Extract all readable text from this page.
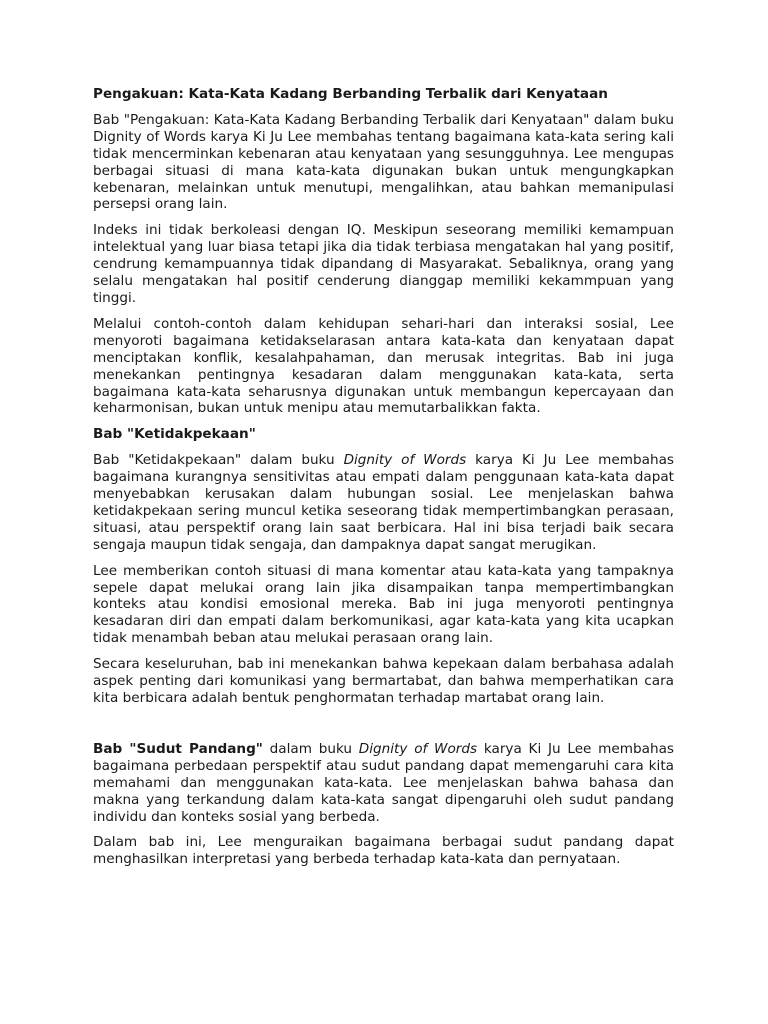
Pengakuan: Kata-Kata Kadang Berbanding Terbalik dari Kenyataan

Bab "Pengakuan: Kata-Kata Kadang Berbanding Terbalik dari Kenyataan" dalam buku Dignity of Words karya Ki Ju Lee membahas tentang bagaimana kata-kata sering kali tidak mencerminkan kebenaran atau kenyataan yang sesungguhnya. Lee mengupas berbagai situasi di mana kata-kata digunakan bukan untuk mengungkapkan kebenaran, melainkan untuk menutupi, mengalihkan, atau bahkan memanipulasi persepsi orang lain.

Indeks ini tidak berkoleasi dengan IQ. Meskipun seseorang memiliki kemampuan intelektual yang luar biasa tetapi jika dia tidak terbiasa mengatakan hal yang positif, cendrung kemampuannya tidak dipandang di Masyarakat. Sebaliknya, orang yang selalu mengatakan hal positif cenderung dianggap memiliki kekammpuan yang tinggi.

Melalui contoh-contoh dalam kehidupan sehari-hari dan interaksi sosial, Lee menyoroti bagaimana ketidakselarasan antara kata-kata dan kenyataan dapat menciptakan konflik, kesalahpahaman, dan merusak integritas. Bab ini juga menekankan pentingnya kesadaran dalam menggunakan kata-kata, serta bagaimana kata-kata seharusnya digunakan untuk membangun kepercayaan dan keharmonisan, bukan untuk menipu atau memutarbalikkan fakta.

Bab "Ketidakpekaan"

Bab "Ketidakpekaan" dalam buku Dignity of Words karya Ki Ju Lee membahas bagaimana kurangnya sensitivitas atau empati dalam penggunaan kata-kata dapat menyebabkan kerusakan dalam hubungan sosial. Lee menjelaskan bahwa ketidakpekaan sering muncul ketika seseorang tidak mempertimbangkan perasaan, situasi, atau perspektif orang lain saat berbicara. Hal ini bisa terjadi baik secara sengaja maupun tidak sengaja, dan dampaknya dapat sangat merugikan.

Lee memberikan contoh situasi di mana komentar atau kata-kata yang tampaknya sepele dapat melukai orang lain jika disampaikan tanpa mempertimbangkan konteks atau kondisi emosional mereka. Bab ini juga menyoroti pentingnya kesadaran diri dan empati dalam berkomunikasi, agar kata-kata yang kita ucapkan tidak menambah beban atau melukai perasaan orang lain.

Secara keseluruhan, bab ini menekankan bahwa kepekaan dalam berbahasa adalah aspek penting dari komunikasi yang bermartabat, dan bahwa memperhatikan cara kita berbicara adalah bentuk penghormatan terhadap martabat orang lain.

Bab "Sudut Pandang" dalam buku Dignity of Words karya Ki Ju Lee membahas bagaimana perbedaan perspektif atau sudut pandang dapat memengaruhi cara kita memahami dan menggunakan kata-kata. Lee menjelaskan bahwa bahasa dan makna yang terkandung dalam kata-kata sangat dipengaruhi oleh sudut pandang individu dan konteks sosial yang berbeda.

Dalam bab ini, Lee menguraikan bagaimana berbagai sudut pandang dapat menghasilkan interpretasi yang berbeda terhadap kata-kata dan pernyataan.
